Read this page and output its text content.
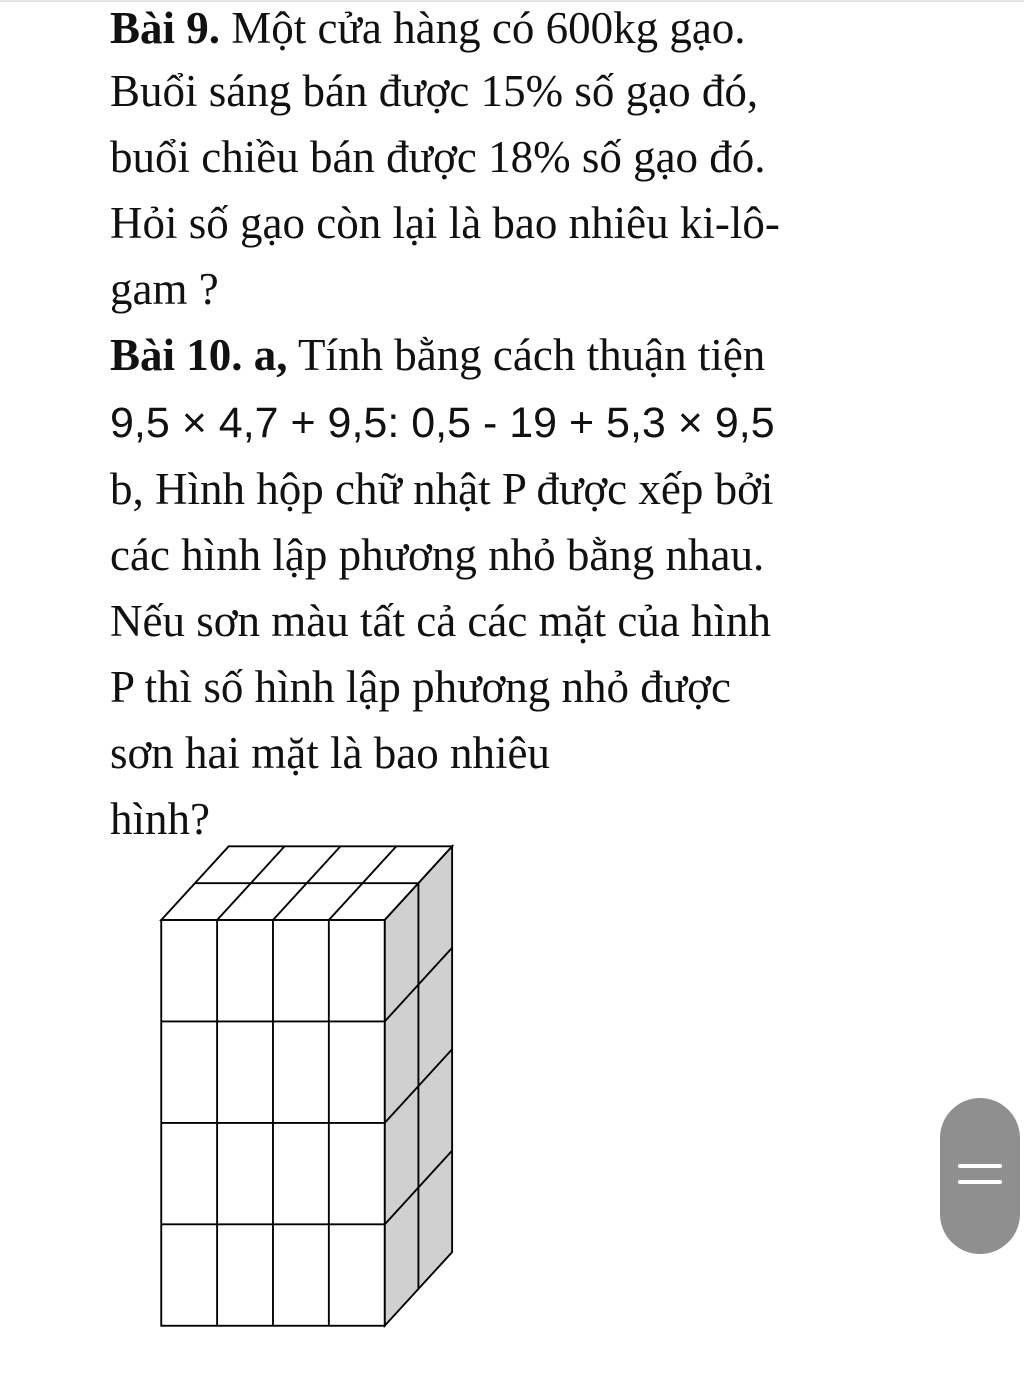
Bài 9. Một cửa hàng có 600kg gạo.
Buổi sáng bán được 15% số gạo đó,
buổi chiều bán được 18% số gạo đó.
Hỏi số gạo còn lại là bao nhiêu ki-lô-
gam ?
Bài 10. a, Tính bằng cách thuận tiện
9,5 × 4,7 + 9,5: 0,5 - 19 + 5,3 × 9,5
b, Hình hộp chữ nhật P được xếp bởi
các hình lập phương nhỏ bằng nhau.
Nếu sơn màu tất cả các mặt của hình
P thì số hình lập phương nhỏ được
sơn hai mặt là bao nhiêu
hình?
